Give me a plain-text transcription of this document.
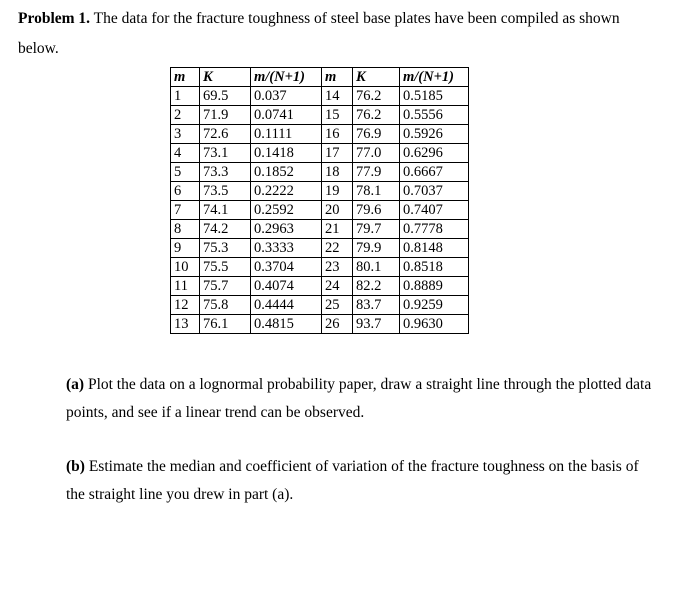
Problem 1. The data for the fracture toughness of steel base plates have been compiled as shown below.

m	K	m/(N+1)	m	K	m/(N+1)
1	69.5	0.037	14	76.2	0.5185
2	71.9	0.0741	15	76.2	0.5556
3	72.6	0.1111	16	76.9	0.5926
4	73.1	0.1418	17	77.0	0.6296
5	73.3	0.1852	18	77.9	0.6667
6	73.5	0.2222	19	78.1	0.7037
7	74.1	0.2592	20	79.6	0.7407
8	74.2	0.2963	21	79.7	0.7778
9	75.3	0.3333	22	79.9	0.8148
10	75.5	0.3704	23	80.1	0.8518
11	75.7	0.4074	24	82.2	0.8889
12	75.8	0.4444	25	83.7	0.9259
13	76.1	0.4815	26	93.7	0.9630

(a) Plot the data on a lognormal probability paper, draw a straight line through the plotted data points, and see if a linear trend can be observed.

(b) Estimate the median and coefficient of variation of the fracture toughness on the basis of the straight line you drew in part (a).
